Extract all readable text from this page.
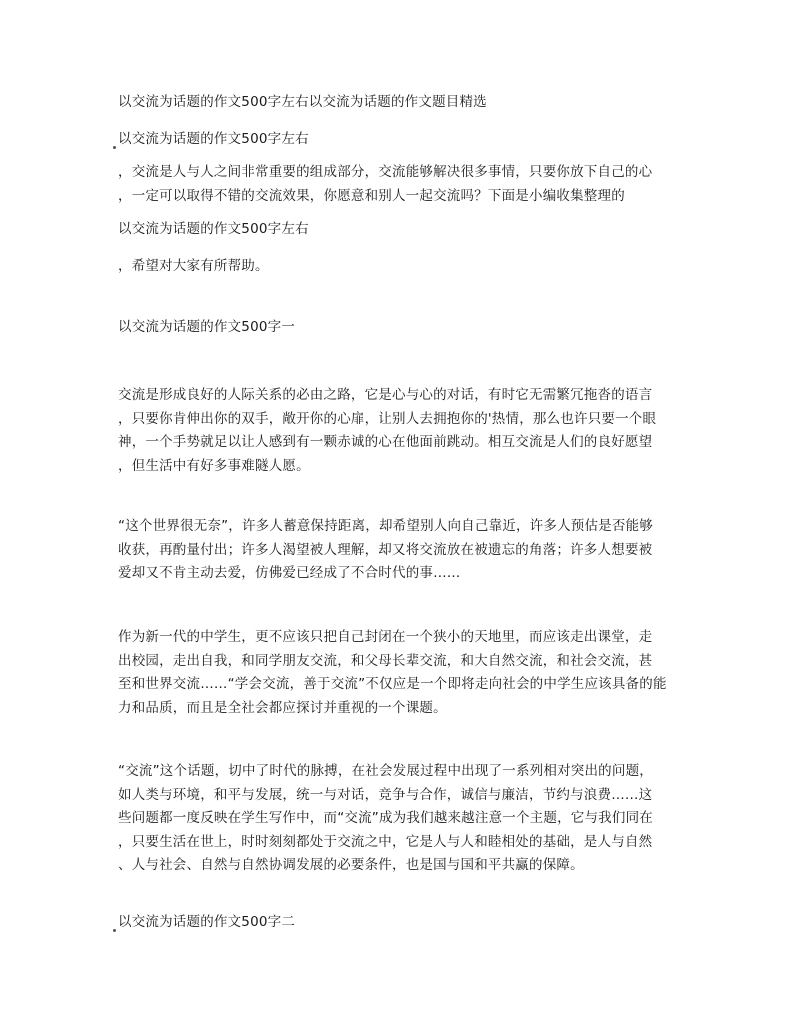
以交流为话题的作文500字左右以交流为话题的作文题目精选

以交流为话题的作文500字左右

，交流是人与人之间非常重要的组成部分，交流能够解决很多事情，只要你放下自己的心
，一定可以取得不错的交流效果，你愿意和别人一起交流吗？下面是小编收集整理的

以交流为话题的作文500字左右

，希望对大家有所帮助。

以交流为话题的作文500字一

交流是形成良好的人际关系的必由之路，它是心与心的对话，有时它无需繁冗拖沓的语言
，只要你肯伸出你的双手，敞开你的心扉，让别人去拥抱你的'热情，那么也许只要一个眼
神，一个手势就足以让人感到有一颗赤诚的心在他面前跳动。相互交流是人们的良好愿望
，但生活中有好多事难隧人愿。
“这个世界很无奈”，许多人蓄意保持距离，却希望别人向自己靠近，许多人预估是否能够
收获，再酌量付出；许多人渴望被人理解，却又将交流放在被遗忘的角落；许多人想要被
爱却又不肯主动去爱，仿佛爱已经成了不合时代的事……
作为新一代的中学生，更不应该只把自己封闭在一个狭小的天地里，而应该走出课堂，走
出校园，走出自我，和同学朋友交流，和父母长辈交流，和大自然交流，和社会交流，甚
至和世界交流……“学会交流，善于交流”不仅应是一个即将走向社会的中学生应该具备的能
力和品质，而且是全社会都应探讨并重视的一个课题。
“交流”这个话题，切中了时代的脉搏，在社会发展过程中出现了一系列相对突出的问题，
如人类与环境，和平与发展，统一与对话，竞争与合作，诚信与廉洁，节约与浪费……这
些问题都一度反映在学生写作中，而“交流”成为我们越来越注意一个主题，它与我们同在
，只要生活在世上，时时刻刻都处于交流之中，它是人与人和睦相处的基础，是人与自然
、人与社会、自然与自然协调发展的必要条件，也是国与国和平共赢的保障。

以交流为话题的作文500字二
